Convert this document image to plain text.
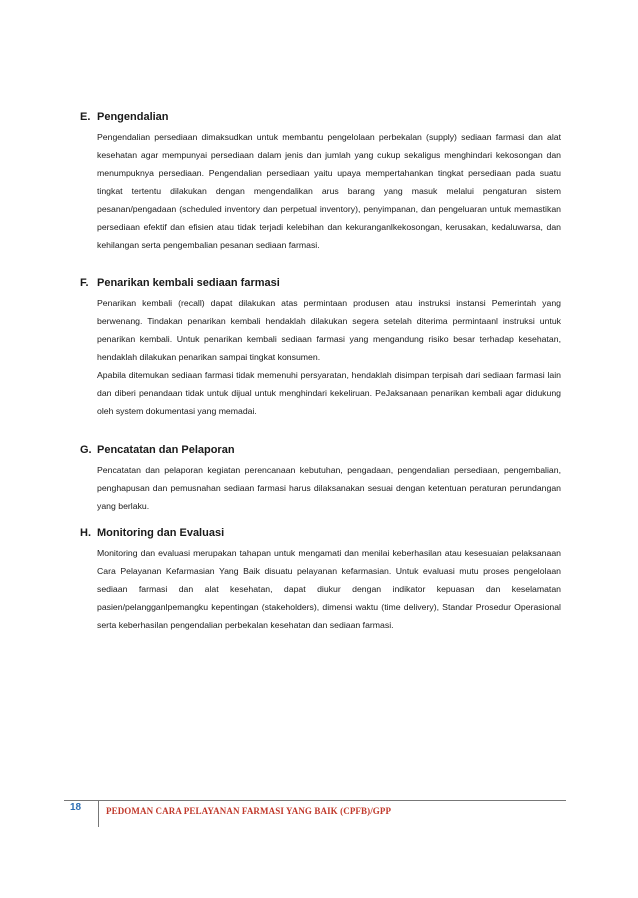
E. Pengendalian

Pengendalian persediaan dimaksudkan untuk membantu pengelolaan perbekalan (supply) sediaan farmasi dan alat kesehatan agar mempunyai persediaan dalam jenis dan jumlah yang cukup sekaligus menghindari kekosongan dan menumpuknya persediaan. Pengendalian persediaan yaitu upaya mempertahankan tingkat persediaan pada suatu tingkat tertentu dilakukan dengan mengendalikan arus barang yang masuk melalui pengaturan sistem pesanan/pengadaan (scheduled inventory dan perpetual inventory), penyimpanan, dan pengeluaran untuk memastikan persediaan efektif dan efisien atau tidak terjadi kelebihan dan kekuranganlkekosongan, kerusakan, kedaluwarsa, dan kehilangan serta pengembalian pesanan sediaan farmasi.

F. Penarikan kembali sediaan farmasi

Penarikan kembali (recall) dapat dilakukan atas permintaan produsen atau instruksi instansi Pemerintah yang berwenang. Tindakan penarikan kembali hendaklah dilakukan segera setelah diterima permintaanl instruksi untuk penarikan kembali. Untuk penarikan kembali sediaan farmasi yang mengandung risiko besar terhadap kesehatan, hendaklah dilakukan penarikan sampai tingkat konsumen.

Apabila ditemukan sediaan farmasi tidak memenuhi persyaratan, hendaklah disimpan terpisah dari sediaan farmasi lain dan diberi penandaan tidak untuk dijual untuk menghindari kekeliruan. PeJaksanaan penarikan kembali agar didukung oleh system dokumentasi yang memadai.

G. Pencatatan dan Pelaporan

Pencatatan dan pelaporan kegiatan perencanaan kebutuhan, pengadaan, pengendalian persediaan, pengembalian, penghapusan dan pemusnahan sediaan farmasi harus dilaksanakan sesuai dengan ketentuan peraturan perundangan yang berlaku.

H. Monitoring dan Evaluasi

Monitoring dan evaluasi merupakan tahapan untuk mengamati dan menilai keberhasilan atau kesesuaian pelaksanaan Cara Pelayanan Kefarmasian Yang Baik disuatu pelayanan kefarmasian. Untuk evaluasi mutu proses pengelolaan sediaan farmasi dan alat kesehatan, dapat diukur dengan indikator kepuasan dan keselamatan pasien/pelangganlpemangku kepentingan (stakeholders), dimensi waktu (time delivery), Standar Prosedur Operasional serta keberhasilan pengendalian perbekalan kesehatan dan sediaan farmasi.

18	PEDOMAN CARA PELAYANAN FARMASI YANG BAIK (CPFB)/GPP
